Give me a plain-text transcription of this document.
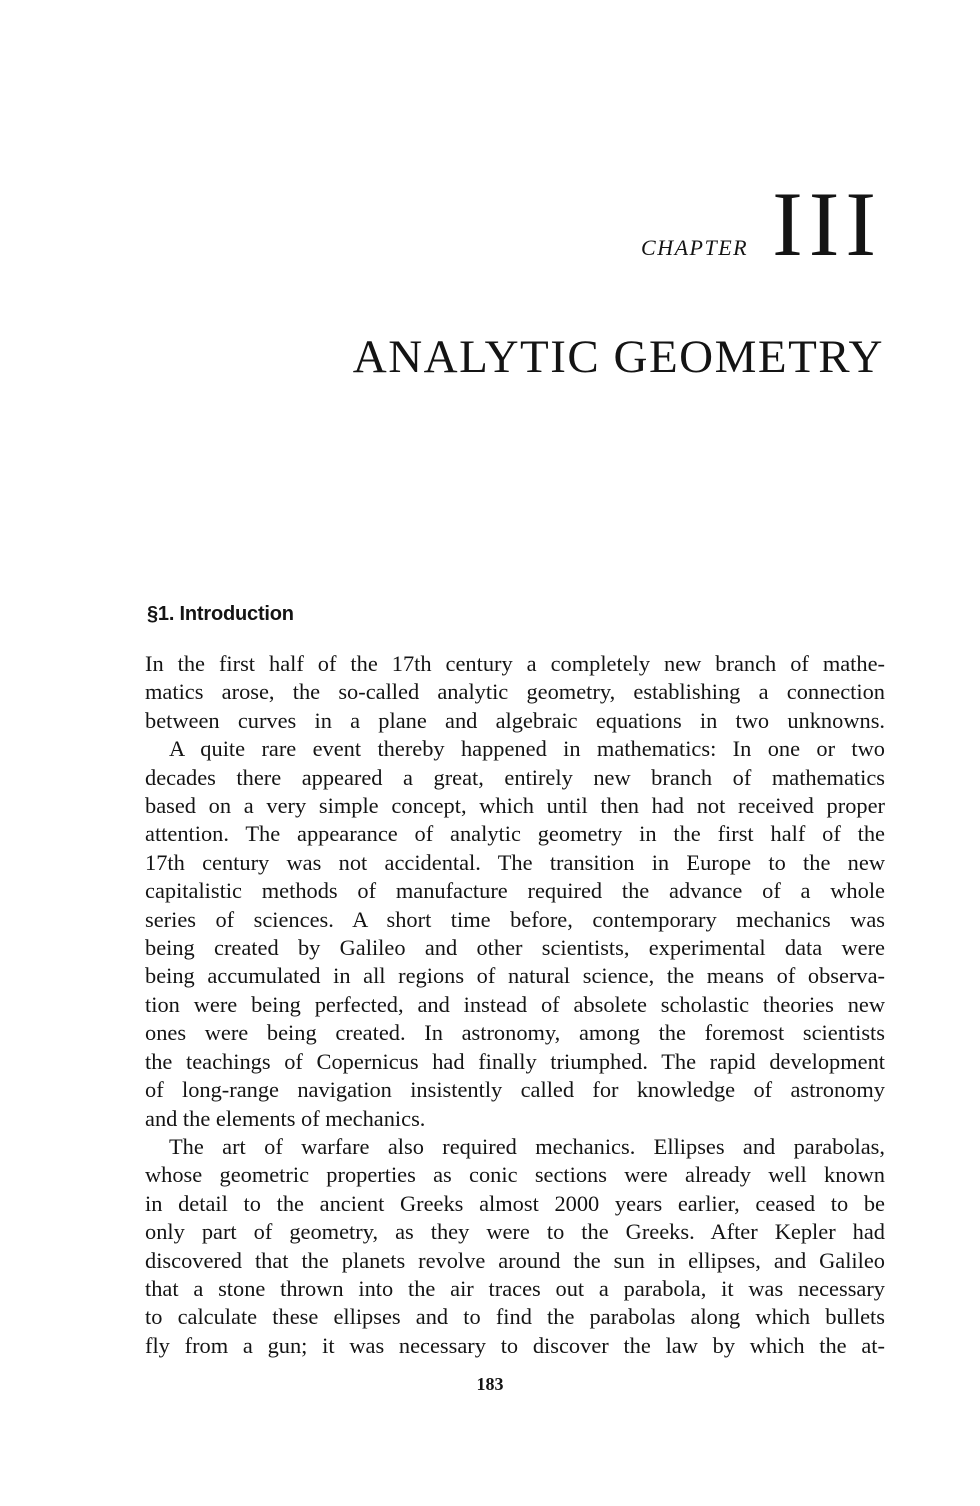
CHAPTER III
ANALYTIC GEOMETRY
§1. Introduction
In the first half of the 17th century a completely new branch of mathe-
matics arose, the so-called analytic geometry, establishing a connection
between curves in a plane and algebraic equations in two unknowns.
A quite rare event thereby happened in mathematics: In one or two
decades there appeared a great, entirely new branch of mathematics
based on a very simple concept, which until then had not received proper
attention. The appearance of analytic geometry in the first half of the
17th century was not accidental. The transition in Europe to the new
capitalistic methods of manufacture required the advance of a whole
series of sciences. A short time before, contemporary mechanics was
being created by Galileo and other scientists, experimental data were
being accumulated in all regions of natural science, the means of observa-
tion were being perfected, and instead of absolete scholastic theories new
ones were being created. In astronomy, among the foremost scientists
the teachings of Copernicus had finally triumphed. The rapid development
of long-range navigation insistently called for knowledge of astronomy
and the elements of mechanics.
The art of warfare also required mechanics. Ellipses and parabolas,
whose geometric properties as conic sections were already well known
in detail to the ancient Greeks almost 2000 years earlier, ceased to be
only part of geometry, as they were to the Greeks. After Kepler had
discovered that the planets revolve around the sun in ellipses, and Galileo
that a stone thrown into the air traces out a parabola, it was necessary
to calculate these ellipses and to find the parabolas along which bullets
fly from a gun; it was necessary to discover the law by which the at-
183
